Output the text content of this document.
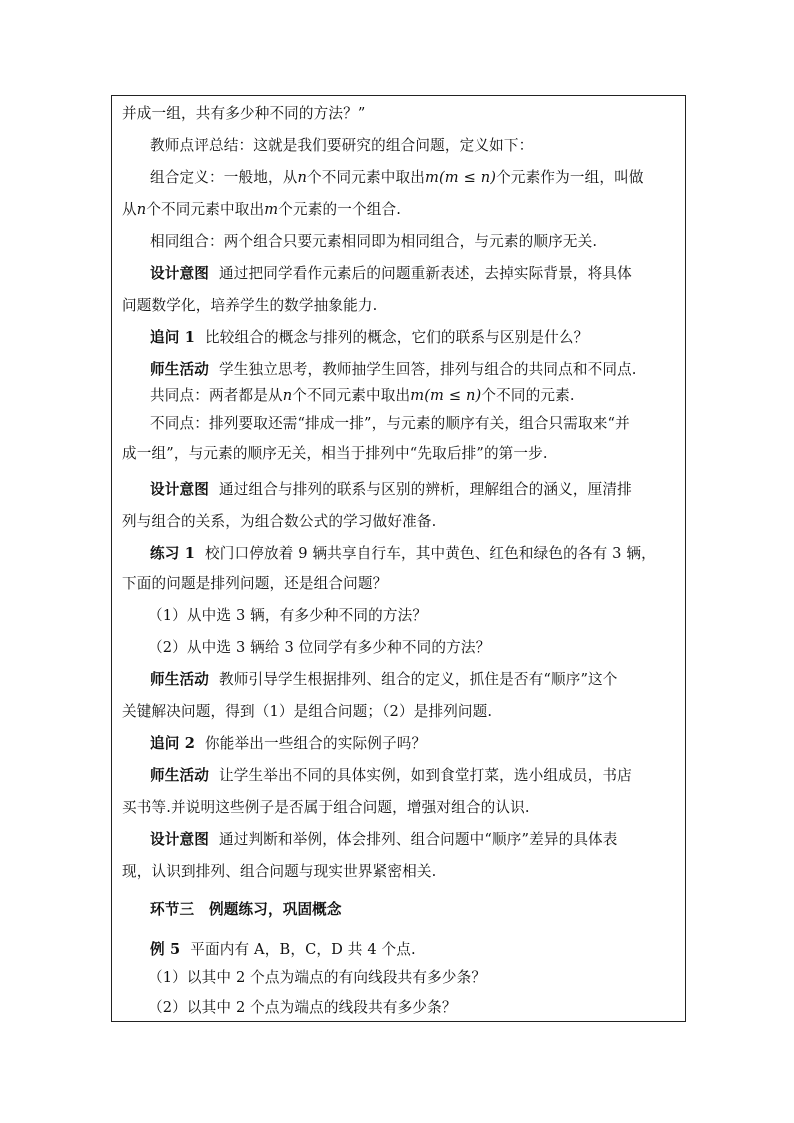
并成一组，共有多少种不同的方法？”
教师点评总结：这就是我们要研究的组合问题，定义如下：
组合定义：一般地，从n个不同元素中取出m(m ≤ n)个元素作为一组，叫做
从n个不同元素中取出m个元素的一个组合.
相同组合：两个组合只要元素相同即为相同组合，与元素的顺序无关.
设计意图 通过把同学看作元素后的问题重新表述，去掉实际背景，将具体
问题数学化，培养学生的数学抽象能力.
追问 1 比较组合的概念与排列的概念，它们的联系与区别是什么？
师生活动 学生独立思考，教师抽学生回答，排列与组合的共同点和不同点.
共同点：两者都是从n个不同元素中取出m(m ≤ n)个不同的元素.
不同点：排列要取还需“排成一排”，与元素的顺序有关，组合只需取来“并
成一组”，与元素的顺序无关，相当于排列中“先取后排”的第一步.
设计意图 通过组合与排列的联系与区别的辨析，理解组合的涵义，厘清排
列与组合的关系，为组合数公式的学习做好准备.
练习 1 校门口停放着 9 辆共享自行车，其中黄色、红色和绿色的各有 3 辆，
下面的问题是排列问题，还是组合问题？
（1）从中选 3 辆，有多少种不同的方法？
（2）从中选 3 辆给 3 位同学有多少种不同的方法？
师生活动 教师引导学生根据排列、组合的定义，抓住是否有“顺序”这个
关键解决问题，得到（1）是组合问题；（2）是排列问题.
追问 2 你能举出一些组合的实际例子吗？
师生活动 让学生举出不同的具体实例，如到食堂打菜，选小组成员，书店
买书等.并说明这些例子是否属于组合问题，增强对组合的认识.
设计意图 通过判断和举例，体会排列、组合问题中“顺序”差异的具体表
现，认识到排列、组合问题与现实世界紧密相关.
环节三　例题练习，巩固概念
例 5 平面内有 A，B，C，D 共 4 个点.
（1）以其中 2 个点为端点的有向线段共有多少条？
（2）以其中 2 个点为端点的线段共有多少条？
